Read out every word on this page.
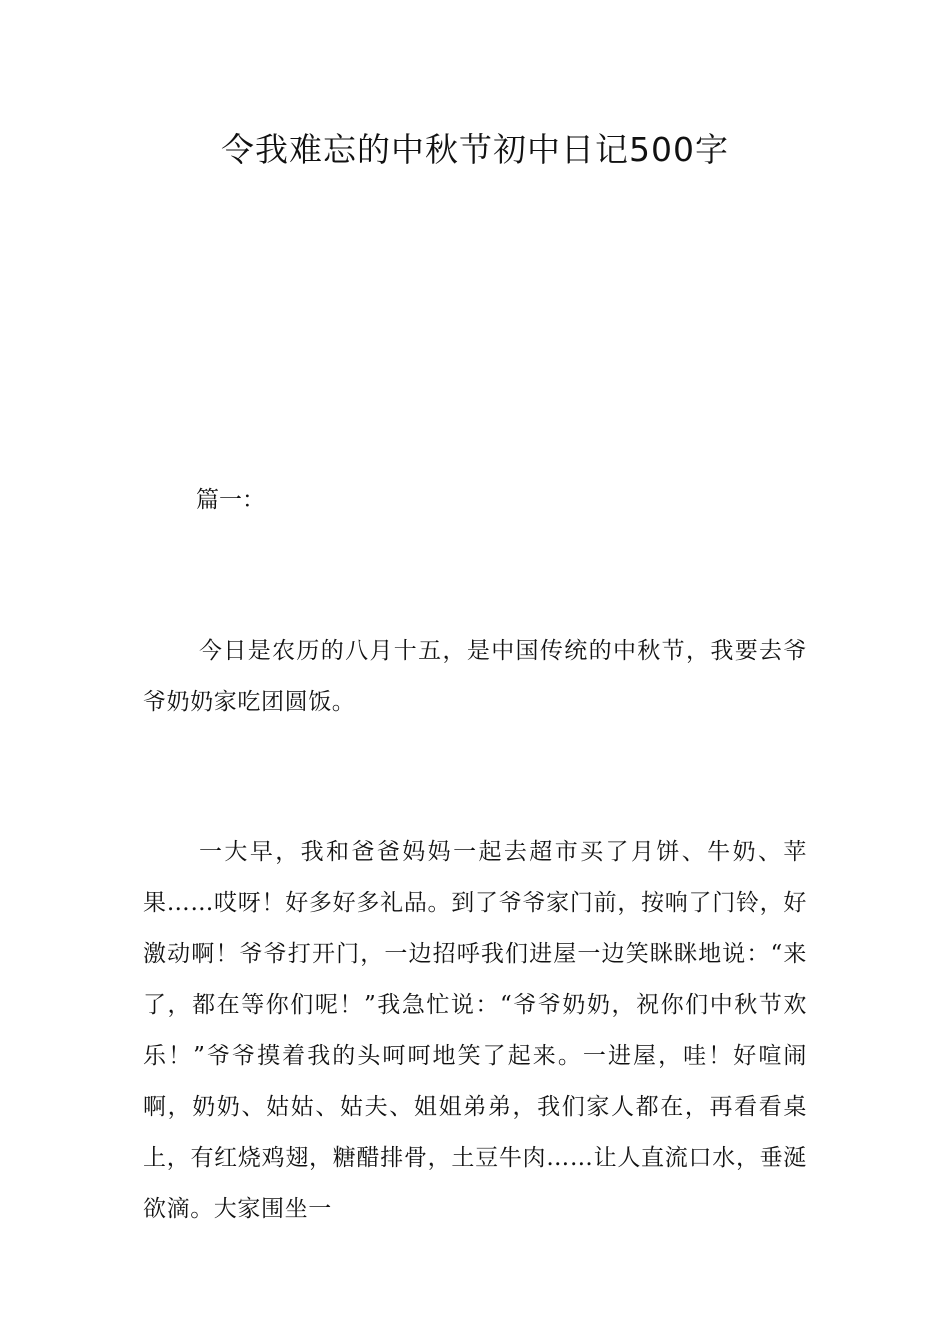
令我难忘的中秋节初中日记500字

篇一：

今日是农历的八月十五，是中国传统的中秋节，我要去爷爷奶奶家吃团圆饭。

一大早，我和爸爸妈妈一起去超市买了月饼、牛奶、苹果……哎呀！好多好多礼品。到了爷爷家门前，按响了门铃，好激动啊！爷爷打开门，一边招呼我们进屋一边笑眯眯地说：“来了，都在等你们呢！”我急忙说：“爷爷奶奶，祝你们中秋节欢乐！”爷爷摸着我的头呵呵地笑了起来。一进屋，哇！好喧闹啊，奶奶、姑姑、姑夫、姐姐弟弟，我们家人都在，再看看桌上，有红烧鸡翅，糖醋排骨，土豆牛肉……让人直流口水，垂涎欲滴。大家围坐一
